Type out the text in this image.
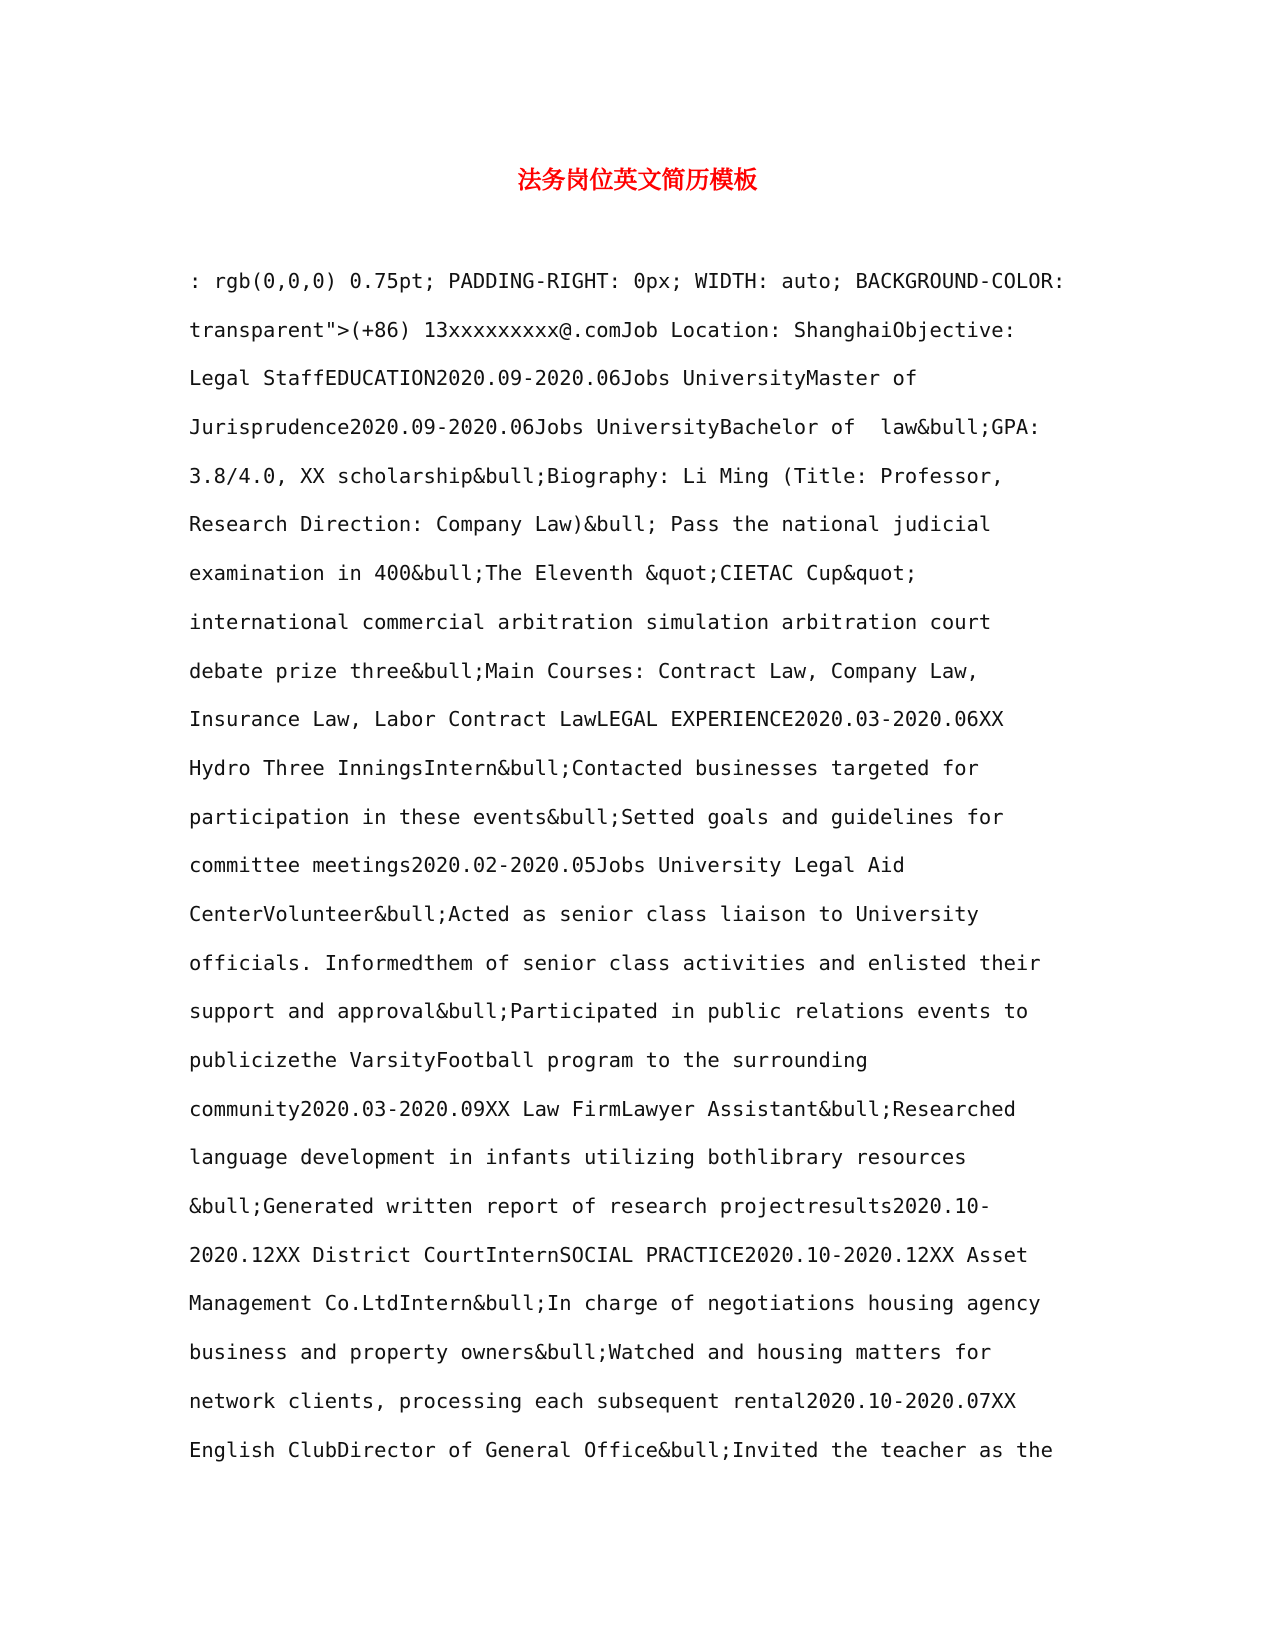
法务岗位英文简历模板
: rgb(0,0,0) 0.75pt; PADDING-RIGHT: 0px; WIDTH: auto; BACKGROUND-COLOR:
transparent">(+86) 13xxxxxxxxx@.comJob Location: ShanghaiObjective:
Legal StaffEDUCATION2020.09-2020.06Jobs UniversityMaster of
Jurisprudence2020.09-2020.06Jobs UniversityBachelor of  law&bull;GPA:
3.8/4.0, XX scholarship&bull;Biography: Li Ming (Title: Professor,
Research Direction: Company Law)&bull; Pass the national judicial
examination in 400&bull;The Eleventh &quot;CIETAC Cup&quot;
international commercial arbitration simulation arbitration court
debate prize three&bull;Main Courses: Contract Law, Company Law,
Insurance Law, Labor Contract LawLEGAL EXPERIENCE2020.03-2020.06XX
Hydro Three InningsIntern&bull;Contacted businesses targeted for
participation in these events&bull;Setted goals and guidelines for
committee meetings2020.02-2020.05Jobs University Legal Aid
CenterVolunteer&bull;Acted as senior class liaison to University
officials. Informedthem of senior class activities and enlisted their
support and approval&bull;Participated in public relations events to
publicizethe VarsityFootball program to the surrounding
community2020.03-2020.09XX Law FirmLawyer Assistant&bull;Researched
language development in infants utilizing bothlibrary resources
&bull;Generated written report of research projectresults2020.10-
2020.12XX District CourtInternSOCIAL PRACTICE2020.10-2020.12XX Asset
Management Co.LtdIntern&bull;In charge of negotiations housing agency
business and property owners&bull;Watched and housing matters for
network clients, processing each subsequent rental2020.10-2020.07XX
English ClubDirector of General Office&bull;Invited the teacher as the
